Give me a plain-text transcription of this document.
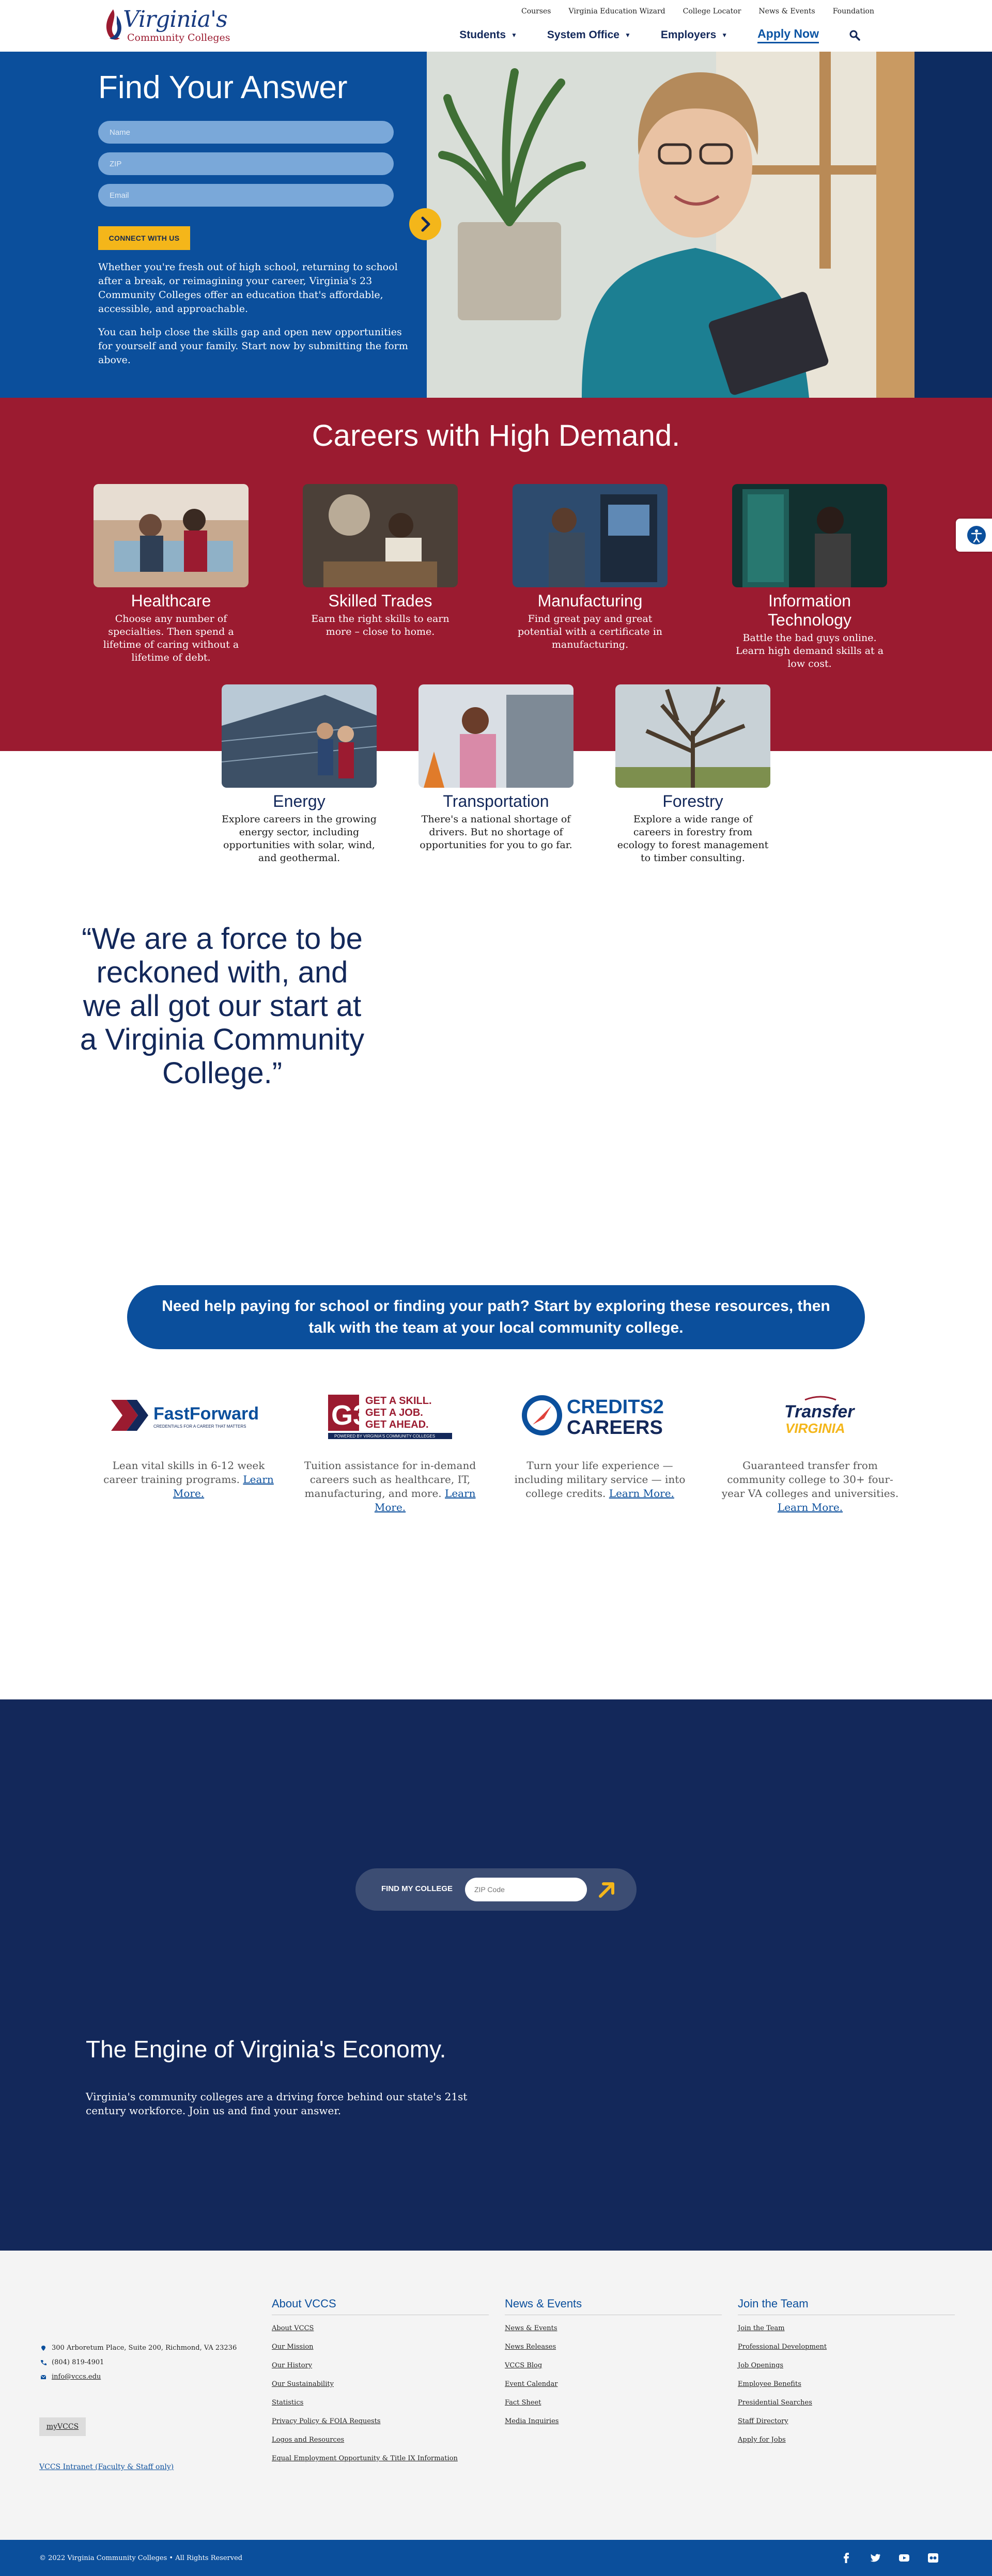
Virginia's
Community Colleges
Courses Virginia Education Wizard College Locator News & Events Foundation
Students ▼	System Office ▼	Employers ▼	Apply Now
Find Your Answer
Name
ZIP
Email
CONNECT WITH US
Whether you're fresh out of high school, returning to school after a break, or reimagining your career, Virginia's 23 Community Colleges offer an education that's affordable, accessible, and approachable.
You can help close the skills gap and open new opportunities for yourself and your family. Start now by submitting the form above.
Careers with High Demand.
Healthcare
Choose any number of specialties. Then spend a lifetime of caring without a lifetime of debt.
Skilled Trades
Earn the right skills to earn more – close to home.
Manufacturing
Find great pay and great potential with a certificate in manufacturing.
Information Technology
Battle the bad guys online. Learn high demand skills at a low cost.
Energy
Explore careers in the growing energy sector, including opportunities with solar, wind, and geothermal.
Transportation
There's a national shortage of drivers. But no shortage of opportunities for you to go far.
Forestry
Explore a wide range of careers in forestry from ecology to forest management to timber consulting.
“We are a force to be reckoned with, and we all got our start at a Virginia Community College.”
Need help paying for school or finding your path? Start by exploring these resources, then talk with the team at your local community college.
FastForward
CREDENTIALS FOR A CAREER THAT MATTERS
Lean vital skills in 6-12 week career training programs. Learn More.
G3
GET A SKILL.
GET A JOB.
GET AHEAD.
POWERED BY VIRGINIA'S COMMUNITY COLLEGES
Tuition assistance for in-demand careers such as healthcare, IT, manufacturing, and more. Learn More.
CREDITS2
CAREERS
Turn your life experience — including military service — into college credits. Learn More.
Transfer
VIRGINIA
Guaranteed transfer from community college to 30+ four-year VA colleges and universities. Learn More.
FIND MY COLLEGE
ZIP Code
The Engine of Virginia's Economy.
Virginia's community colleges are a driving force behind our state's 21st century workforce. Join us and find your answer.
300 Arboretum Place, Suite 200, Richmond, VA 23236
(804) 819-4901
info@vccs.edu
myVCCS
VCCS Intranet (Faculty & Staff only)
About VCCS
About VCCS
Our Mission
Our History
Our Sustainability
Statistics
Privacy Policy & FOIA Requests
Logos and Resources
Equal Employment Opportunity & Title IX Information
News & Events
News & Events
News Releases
VCCS Blog
Event Calendar
Fact Sheet
Media Inquiries
Join the Team
Join the Team
Professional Development
Job Openings
Employee Benefits
Presidential Searches
Staff Directory
Apply for Jobs
© 2022 Virginia Community Colleges • All Rights Reserved
